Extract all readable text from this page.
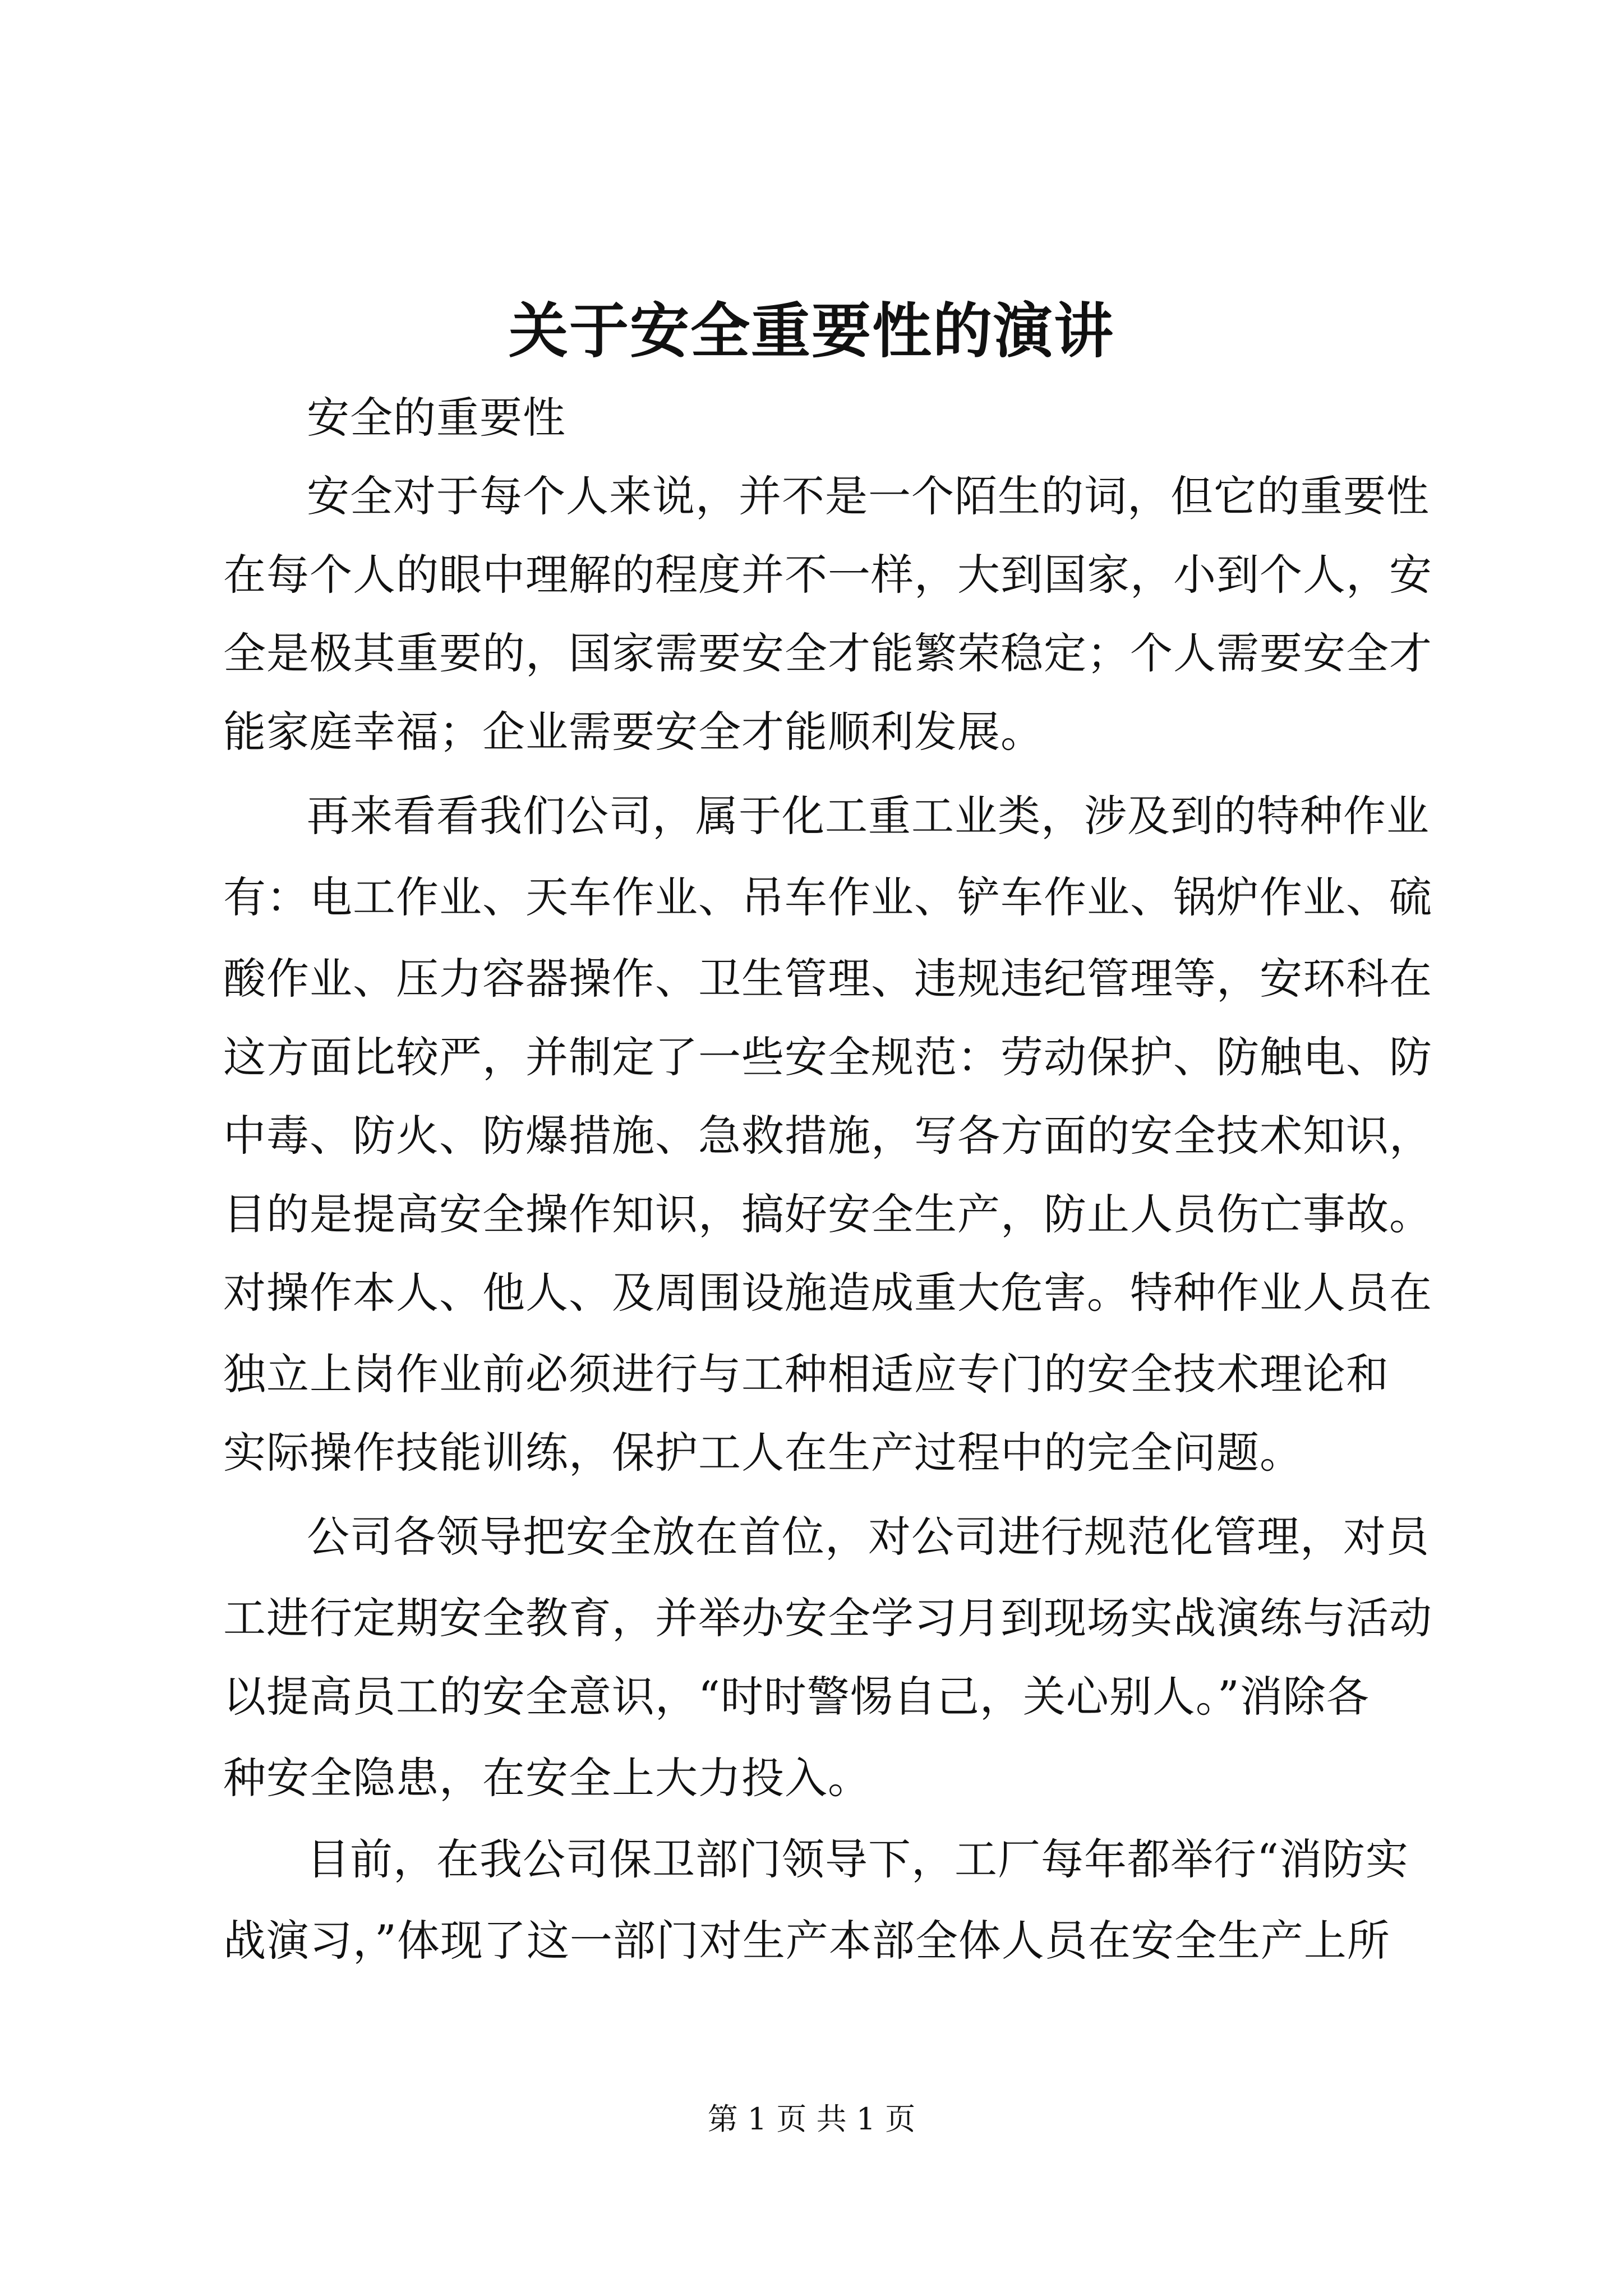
关于安全重要性的演讲

安全的重要性

安全对于每个人来说，并不是一个陌生的词，但它的重要性

在每个人的眼中理解的程度并不一样，大到国家，小到个人，安

全是极其重要的，国家需要安全才能繁荣稳定；个人需要安全才

能家庭幸福；企业需要安全才能顺利发展。

再来看看我们公司，属于化工重工业类，涉及到的特种作业

有：电工作业、天车作业、吊车作业、铲车作业、锅炉作业、硫

酸作业、压力容器操作、卫生管理、违规违纪管理等，安环科在

这方面比较严，并制定了一些安全规范：劳动保护、防触电、防

中毒、防火、防爆措施、急救措施，写各方面的安全技术知识，

目的是提高安全操作知识，搞好安全生产，防止人员伤亡事故。

对操作本人、他人、及周围设施造成重大危害。特种作业人员在

独立上岗作业前必须进行与工种相适应专门的安全技术理论和

实际操作技能训练，保护工人在生产过程中的完全问题。

公司各领导把安全放在首位，对公司进行规范化管理，对员

工进行定期安全教育，并举办安全学习月到现场实战演练与活动

以提高员工的安全意识，“时时警惕自己，关心别人。”消除各

种安全隐患，在安全上大力投入。

目前，在我公司保卫部门领导下，工厂每年都举行“消防实

战演习，”体现了这一部门对生产本部全体人员在安全生产上所

第 1 页 共 1 页
